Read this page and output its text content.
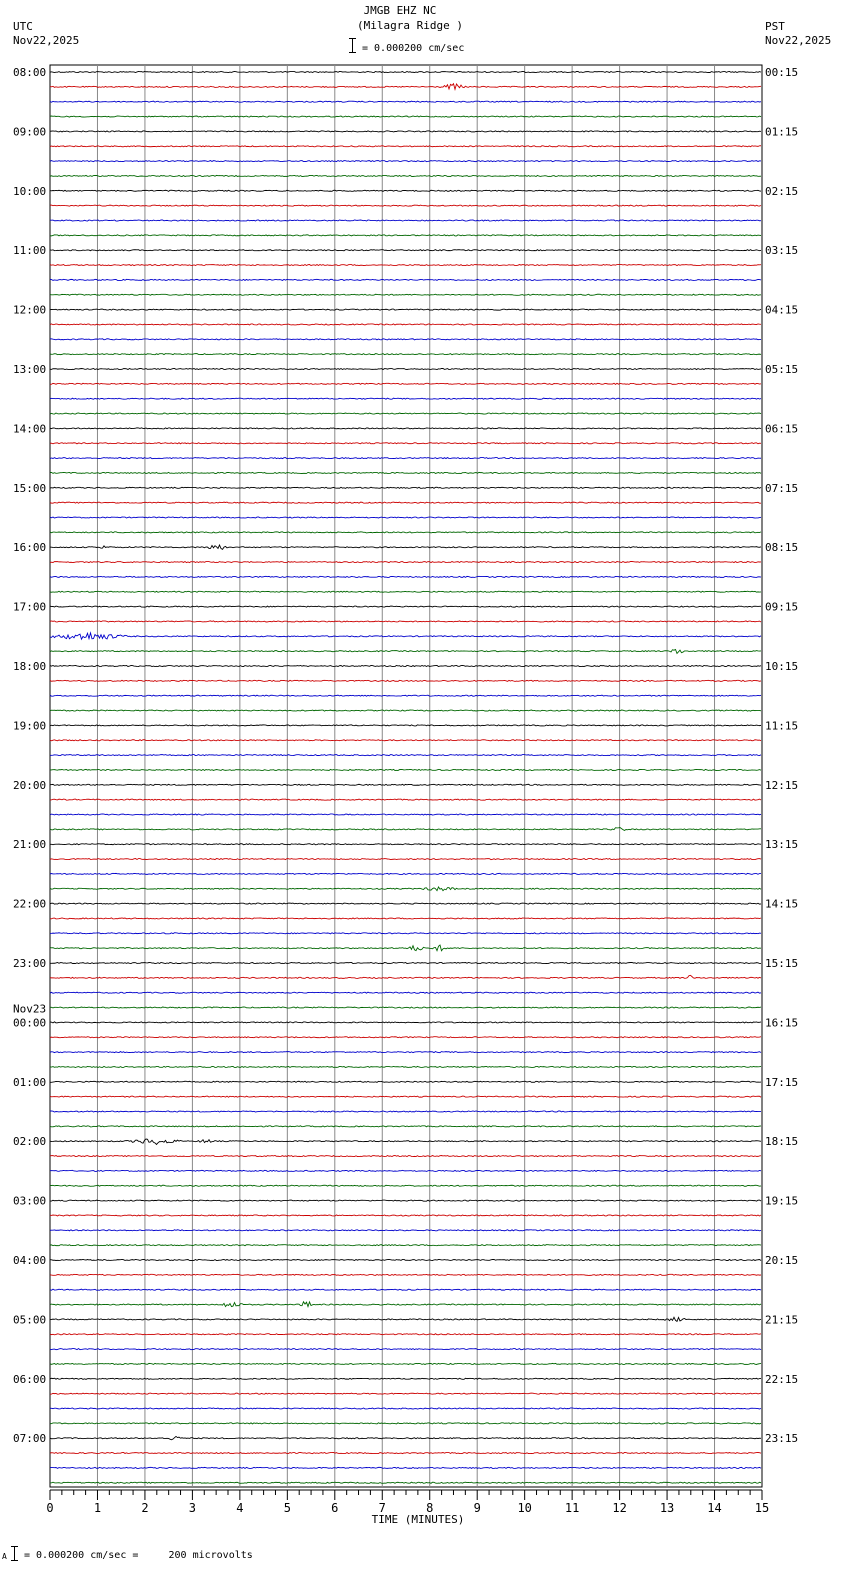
JMGB EHZ NC
(Milagra Ridge )
= 0.000200 cm/sec
UTC
Nov22,2025
PST
Nov22,2025
08:00
09:00
10:00
11:00
12:00
13:00
14:00
15:00
16:00
17:00
18:00
19:00
20:00
21:00
22:00
23:00
00:00
01:00
02:00
03:00
04:00
05:00
06:00
07:00
00:15
01:15
02:15
03:15
04:15
05:15
06:15
07:15
08:15
09:15
10:15
11:15
12:15
13:15
14:15
15:15
16:15
17:15
18:15
19:15
20:15
21:15
22:15
23:15
Nov23
0	1	2	3	4	5	6	7	8	9	10	11	12	13	14	15
TIME (MINUTES)
A = 0.000200 cm/sec =     200 microvolts
